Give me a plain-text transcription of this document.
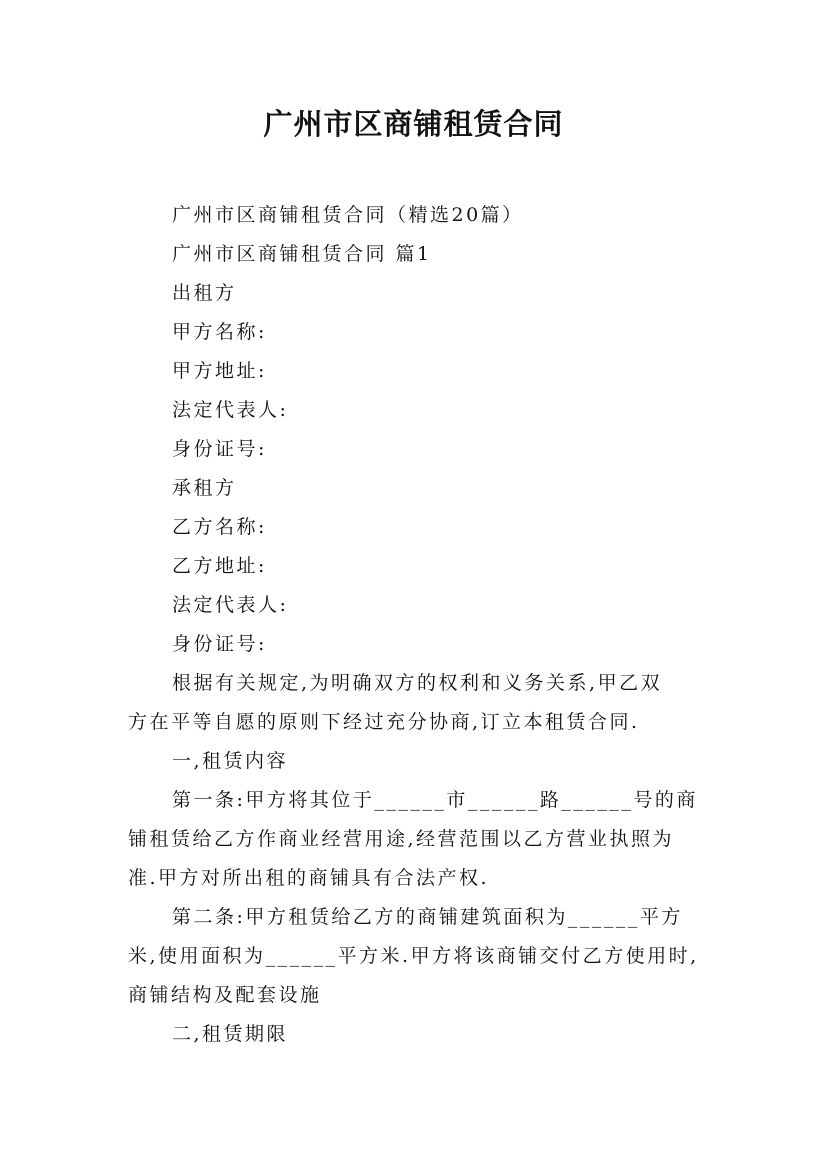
广州市区商铺租赁合同
广州市区商铺租赁合同（精选20篇）
广州市区商铺租赁合同 篇1
出租方
甲方名称:
甲方地址:
法定代表人:
身份证号:
承租方
乙方名称:
乙方地址:
法定代表人:
身份证号:
根据有关规定,为明确双方的权利和义务关系,甲乙双
方在平等自愿的原则下经过充分协商,订立本租赁合同.
一,租赁内容
第一条:甲方将其位于______市______路______号的商
铺租赁给乙方作商业经营用途,经营范围以乙方营业执照为
准.甲方对所出租的商铺具有合法产权.
第二条:甲方租赁给乙方的商铺建筑面积为______平方
米,使用面积为______平方米.甲方将该商铺交付乙方使用时,
商铺结构及配套设施
二,租赁期限
